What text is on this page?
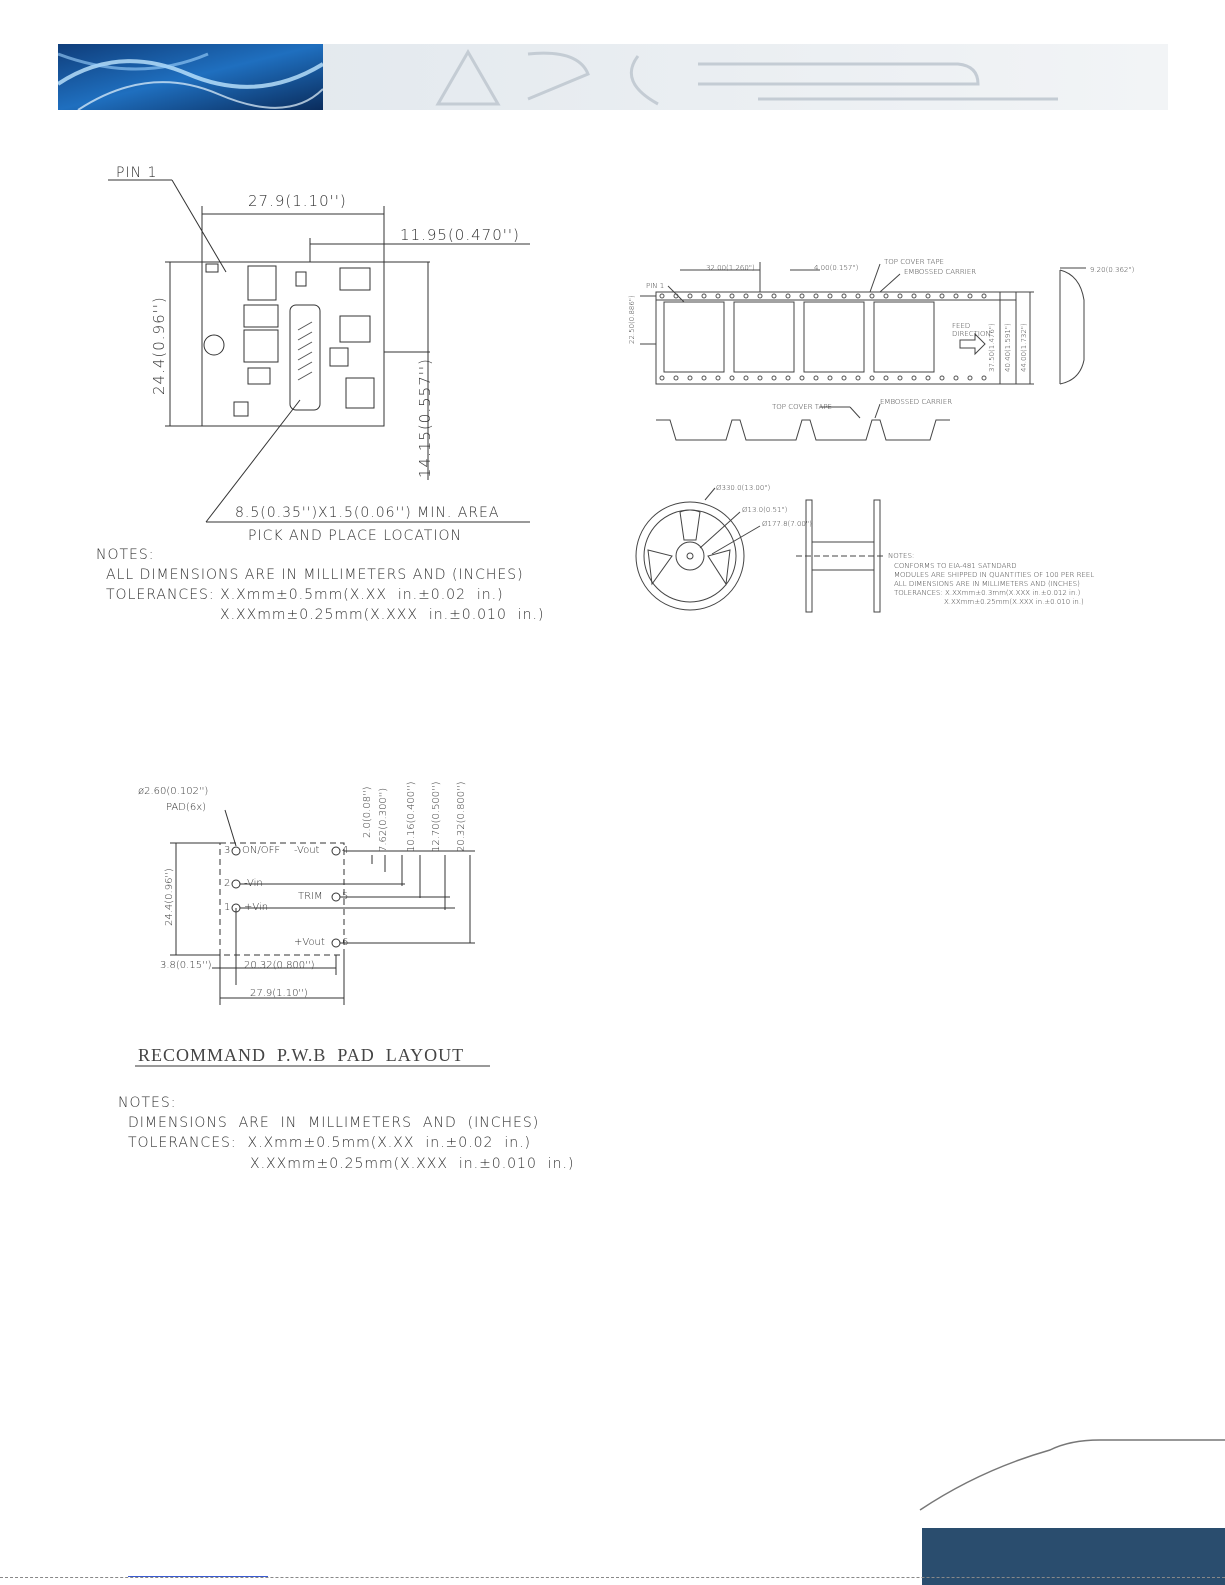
PIN 1
27.9(1.10'')
11.95(0.470'')
24.4(0.96'')
14.15(0.557'')
8.5(0.35'')X1.5(0.06'') MIN. AREA
PICK AND PLACE LOCATION
NOTES:
ALL DIMENSIONS ARE IN MILLIMETERS AND (INCHES)
TOLERANCES: X.Xmm±0.5mm(X.XX  in.±0.02  in.)
X.XXmm±0.25mm(X.XXX  in.±0.010  in.)
PIN 1
32.00(1.260")	4.00(0.157")
TOP COVER TAPE
EMBOSSED CARRIER	9.20(0.362")
22.50(0.886")	FEED DIRECTION
37.50(1.476") 40.40(1.591") 44.00(1.732")
TOP COVER TAPE
EMBOSSED CARRIER
Ø330.0(13.00")
Ø13.0(0.51")
Ø177.8(7.00")
NOTES:
CONFORMS TO EIA-481 SATNDARD
MODULES ARE SHIPPED IN QUANTITIES OF 100 PER REEL
ALL DIMENSIONS ARE IN MILLIMETERS AND (INCHES)
TOLERANCES: X.XXmm±0.3mm(X.XXX in.±0.012 in.)
X.XXmm±0.25mm(X.XXX in.±0.010 in.)
ø2.60(0.102'')
PAD(6x)	2.0(0.08'') 7.62(0.300'') 10.16(0.400'') 12.70(0.500'') 20.32(0.800'')
3 ON/OFF -Vout 4
2 -Vin
TRIM 5
1 +Vin
+Vout 6
24.4(0.96'')
3.8(0.15'')	20.32(0.800'')
27.9(1.10'')
RECOMMAND  P.W.B  PAD  LAYOUT
NOTES:
DIMENSIONS  ARE  IN  MILLIMETERS  AND  (INCHES)
TOLERANCES:  X.Xmm±0.5mm(X.XX  in.±0.02  in.)
X.XXmm±0.25mm(X.XXX  in.±0.010  in.)
